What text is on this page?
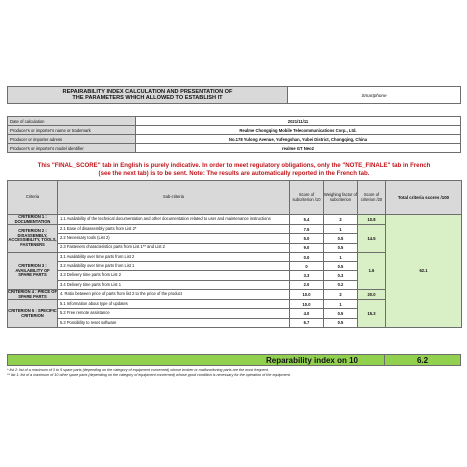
REPAIRABILITY INDEX CALCULATION AND PRESENTATION OF
THE PARAMETERS WHICH ALLOWED TO ESTABLISH IT	Smartphone
Date of calculation	2021/11/11
Producer's or importer's name or trademark	Realme Chongqing Mobile Telecommunications Corp., Ltd.
Producer or importer adress	No.178 Yulong Avenue, Yufengshan, Yubei District, Chongqing, China
Producer's or importer's model identifier	realme GT Neo2
This "FINAL_SCORE" tab in English is purely indicative. In order to meet regulatory obligations, only the "NOTE_FINALE" tab in French
(see the next tab) is to be sent. Note: The results are automatically reported in the French tab.
Criteria	Sub-criteria	Score of subcriterion /10	Weighing factor of subcriterion	Score of criterion /20	Total criteria scores /100
CRITERION 1 : DOCUMENTATION	1.1 Availability of the technical documentation and other documentation related to user and maintenance instructions	5.4	2	10.8	62.1
CRITERION 2 : DISASSEMBLY, ACCESSIBILITY, TOOLS, FASTENERS	2.1 Ease of disassembly parts from List 2*	7.5	1	14.5	
	2.2 Necessary tools (List 2)	5.0	0.5		
	2.3 Fasteners characteristics parts from List 1** and List 2	9.0	0.5		
CRITERION 3 : AVAILABILITY OF SPARE PARTS	3.1 Availability over time parts from List 2	0.0	1	1.6	
	3.2 Availability over time parts from List 1	0	0.5		
	3.3 Delivery time parts from List 2	3.3	0.3		
	3.4 Delivery time parts from List 1	2.0	0.2		
CRITERION 4 : PRICE OF SPARE PARTS	4. Ratio between price of parts from list 2 to the price of the product	10.0	2	20.0	
CRITERION 5 : SPECIFIC CRITERION	5.1 Information about type of updates	10.0	1	15.3	
	5.2 Free remote assistance	4.0	0.5		
	5.3 Possibility to reset software	6.7	0.5		
Reparability index on 10	6.2
* list 2: list of a maximum of 3 to 5 spare parts (depending on the category of equipment concerned) whose broken or malfunctioning parts are the most frequent.
** list 1: list of a maximum of 10 other spare parts (depending on the category of equipment concerned) whose good condition is necessary for the operation of the equipment.
